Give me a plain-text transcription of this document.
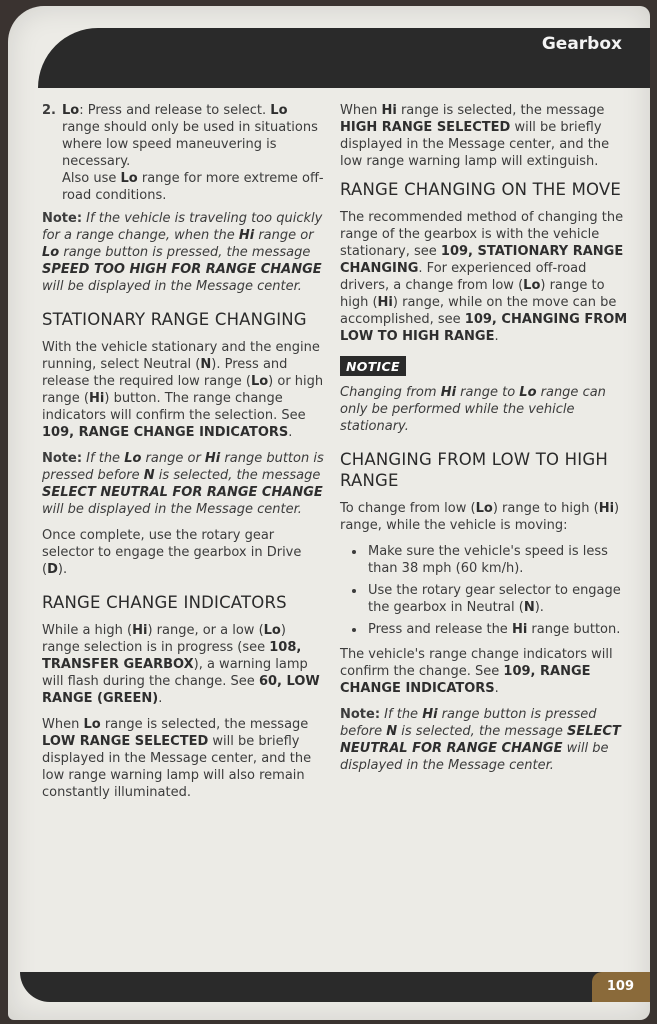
Gearbox
2. Lo: Press and release to select. Lo range should only be used in situations where low speed maneuvering is necessary.
Also use Lo range for more extreme off-road conditions.

Note: If the vehicle is traveling too quickly for a range change, when the Hi range or Lo range button is pressed, the message SPEED TOO HIGH FOR RANGE CHANGE will be displayed in the Message center.

STATIONARY RANGE CHANGING

With the vehicle stationary and the engine running, select Neutral (N). Press and release the required low range (Lo) or high range (Hi) button. The range change indicators will confirm the selection. See 109, RANGE CHANGE INDICATORS.

Note: If the Lo range or Hi range button is pressed before N is selected, the message SELECT NEUTRAL FOR RANGE CHANGE will be displayed in the Message center.

Once complete, use the rotary gear selector to engage the gearbox in Drive (D).

RANGE CHANGE INDICATORS

While a high (Hi) range, or a low (Lo) range selection is in progress (see 108, TRANSFER GEARBOX), a warning lamp will flash during the change. See 60, LOW RANGE (GREEN).

When Lo range is selected, the message LOW RANGE SELECTED will be briefly displayed in the Message center, and the low range warning lamp will also remain constantly illuminated.

When Hi range is selected, the message HIGH RANGE SELECTED will be briefly displayed in the Message center, and the low range warning lamp will extinguish.

RANGE CHANGING ON THE MOVE

The recommended method of changing the range of the gearbox is with the vehicle stationary, see 109, STATIONARY RANGE CHANGING. For experienced off-road drivers, a change from low (Lo) range to high (Hi) range, while on the move can be accomplished, see 109, CHANGING FROM LOW TO HIGH RANGE.

NOTICE

Changing from Hi range to Lo range can only be performed while the vehicle stationary.

CHANGING FROM LOW TO HIGH RANGE

To change from low (Lo) range to high (Hi) range, while the vehicle is moving:

• Make sure the vehicle's speed is less than 38 mph (60 km/h).
• Use the rotary gear selector to engage the gearbox in Neutral (N).
• Press and release the Hi range button.

The vehicle's range change indicators will confirm the change. See 109, RANGE CHANGE INDICATORS.

Note: If the Hi range button is pressed before N is selected, the message SELECT NEUTRAL FOR RANGE CHANGE will be displayed in the Message center.

109
